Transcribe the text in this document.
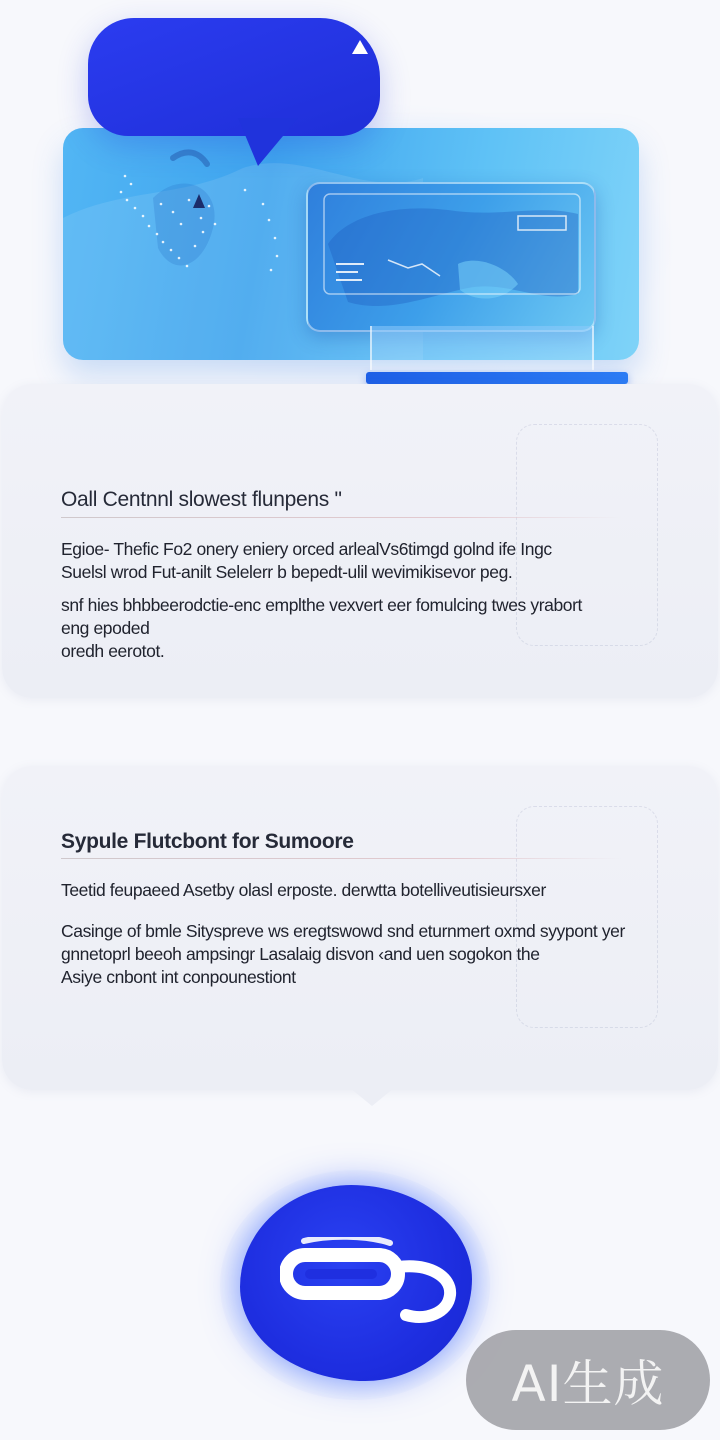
Oall Centnnl slowest flunpens "

Egioe- Thefic Fo2 onery eniery orced arlealVs6timgd golnd ife Ingc
Suelsl wrod Fut-anilt Selelerr b bepedt-ulil wevimikisevor peg.

snf hies bhbbeerodctie-enc emplthe vexvert eer fomulcing twes yrabort
eng epoded
oredh eerotot.

Sypule Flutcbont for Sumoore

Teetid feupaeed Asetby olasl erposte. derwtta botelliveutisieursxer

Casinge of bmle Sityspreve ws eregtswowd snd eturnmert oxmd syypont yer
gnnetoprl beeoh ampsingr Lasalaig disvon ‹and uen sogokon the
Asiye cnbont int conpounestiont

AI生成
